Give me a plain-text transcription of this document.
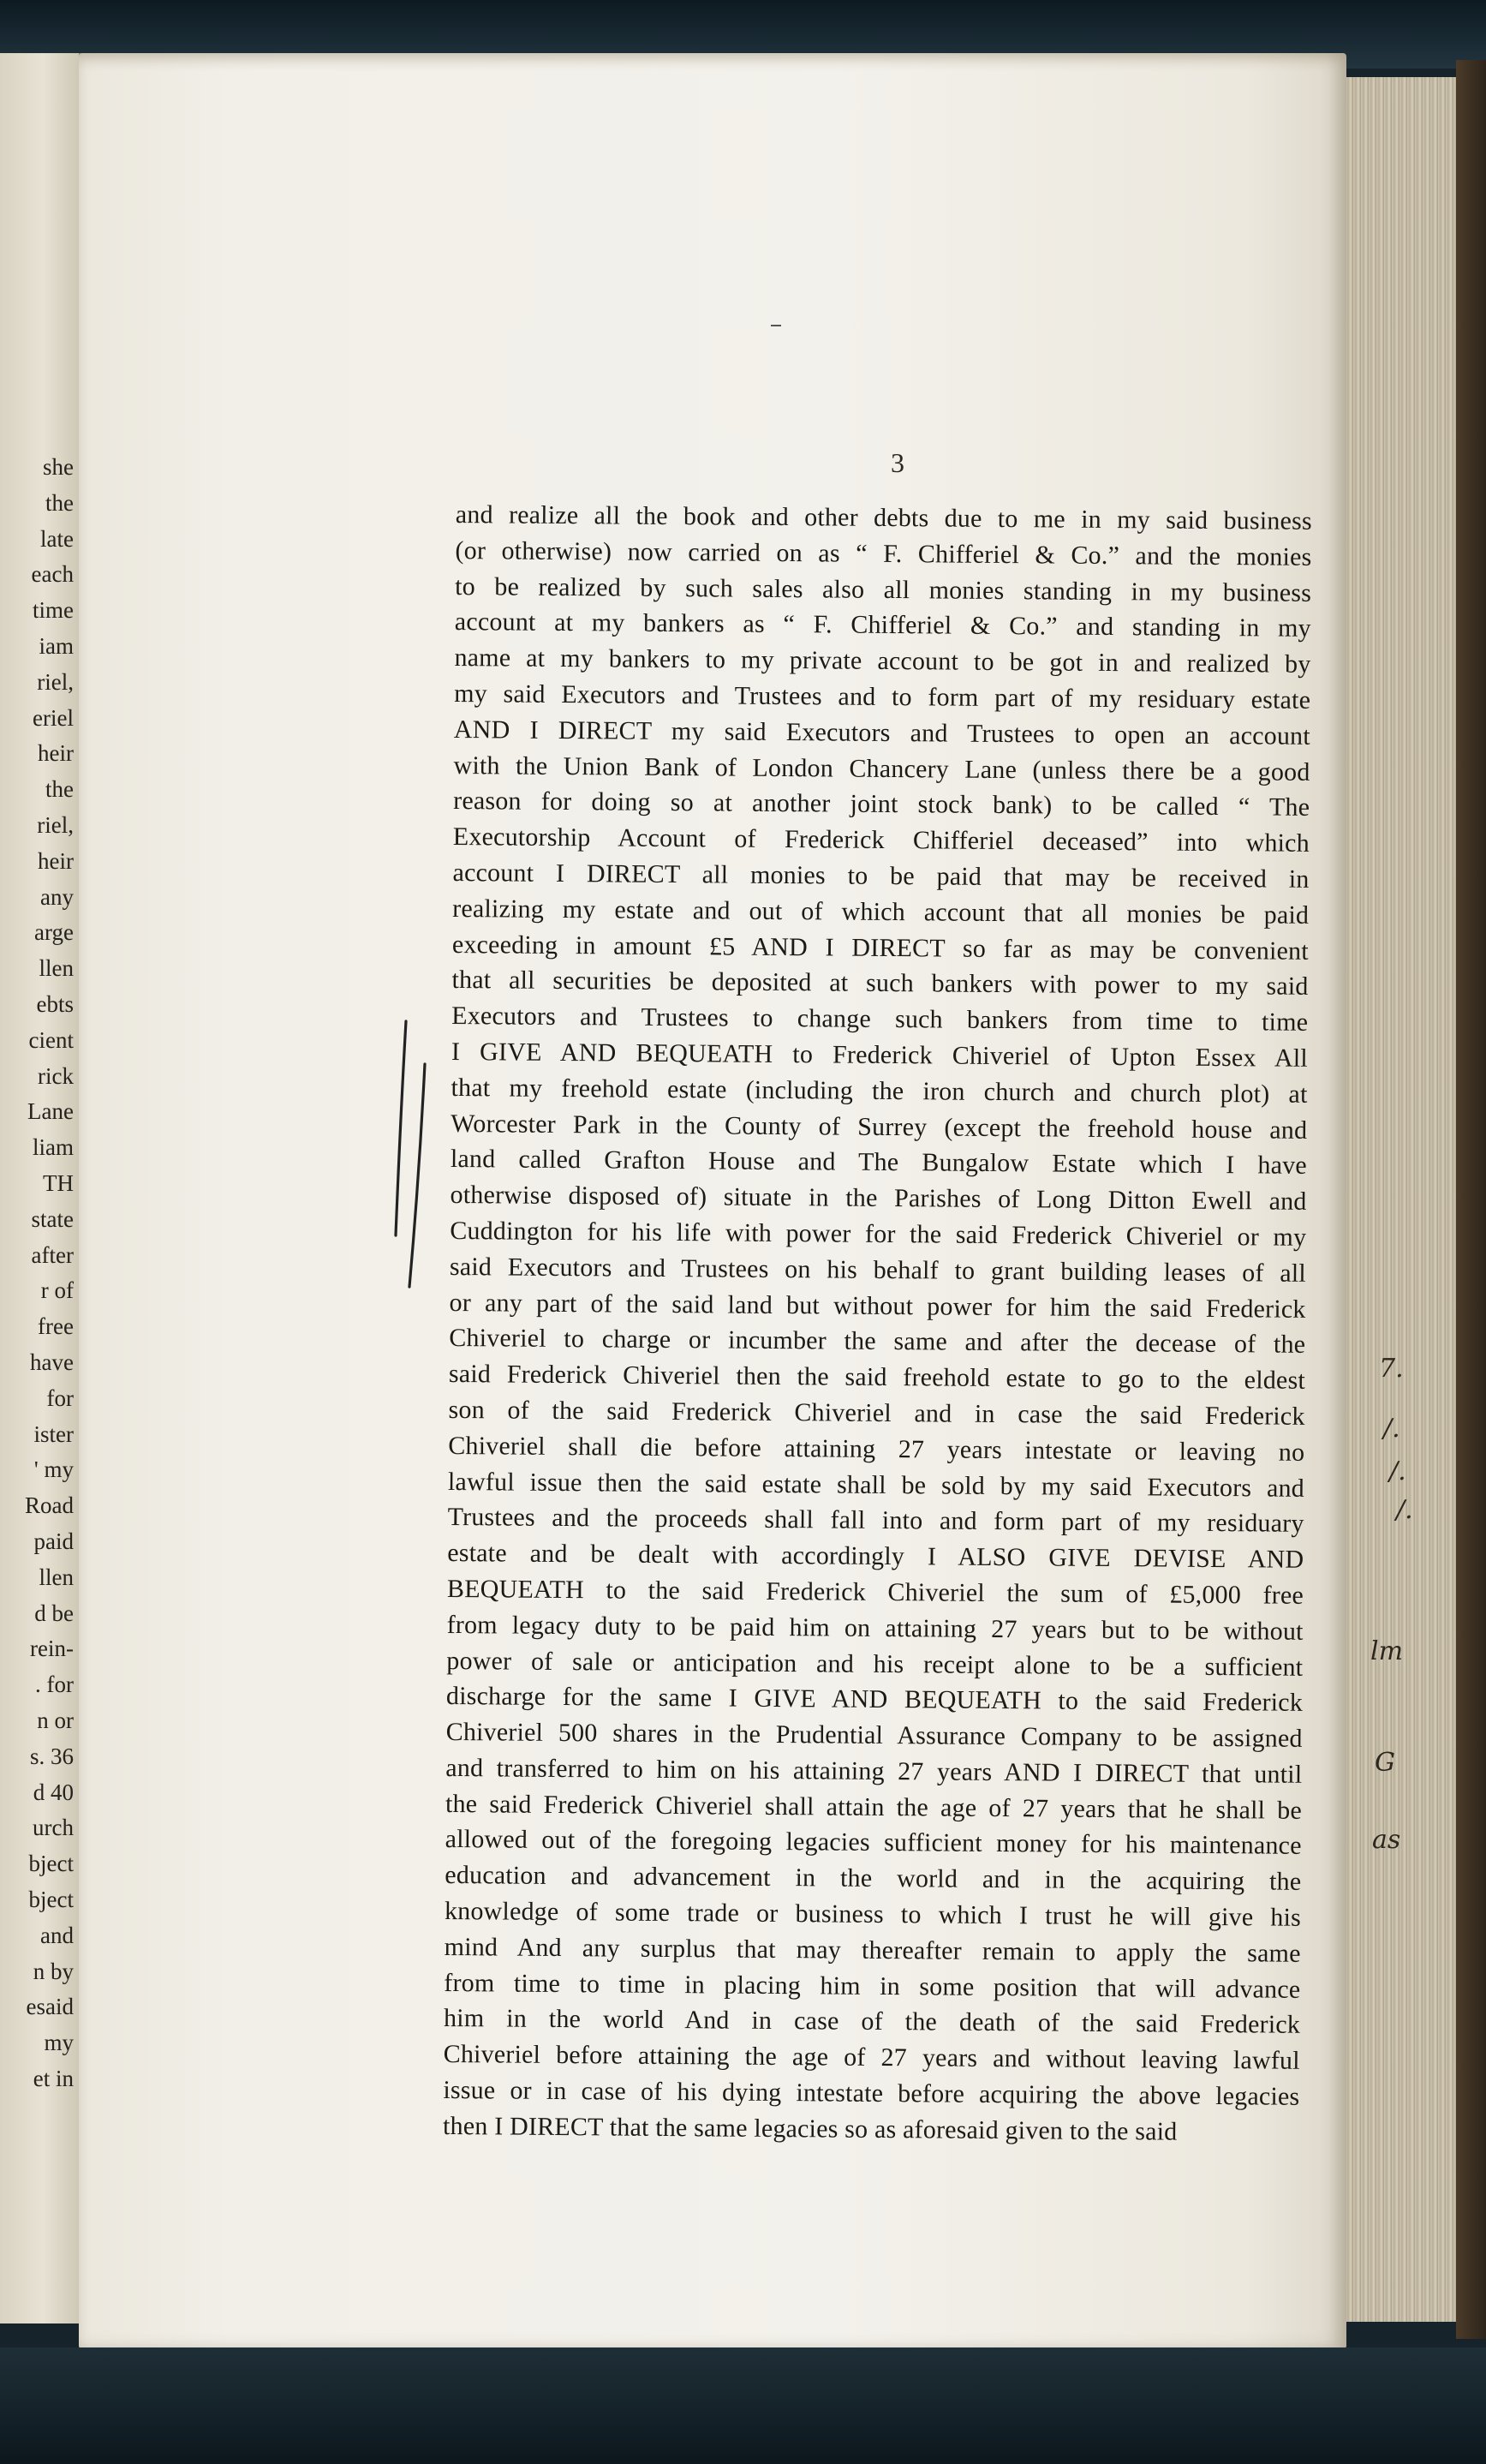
she
the
late
each
time
iam
riel,
eriel
heir
the
riel,
heir
any
arge
llen
ebts
cient
rick
Lane
liam
TH
state
after
r of
free
have
for
ister
' my
Road
paid
llen
d be
rein-
. for
n or
s. 36
d 40
urch
bject
bject
and
n by
esaid
my
et in
3
and realize all the book and other debts due to me in my said business
(or otherwise) now carried on as “ F. Chifferiel & Co.” and the monies
to be realized by such sales also all monies standing in my business
account at my bankers as “ F. Chifferiel & Co.” and standing in my
name at my bankers to my private account to be got in and realized by
my said Executors and Trustees and to form part of my residuary estate
AND I DIRECT my said Executors and Trustees to open an account
with the Union Bank of London Chancery Lane (unless there be a good
reason for doing so at another joint stock bank) to be called “ The
Executorship Account of Frederick Chifferiel deceased” into which
account I DIRECT all monies to be paid that may be received in
realizing my estate and out of which account that all monies be paid
exceeding in amount £5 AND I DIRECT so far as may be convenient
that all securities be deposited at such bankers with power to my said
Executors and Trustees to change such bankers from time to time
I GIVE AND BEQUEATH to Frederick Chiveriel of Upton Essex All
that my freehold estate (including the iron church and church plot) at
Worcester Park in the County of Surrey (except the freehold house and
land called Grafton House and The Bungalow Estate which I have
otherwise disposed of) situate in the Parishes of Long Ditton Ewell and
Cuddington for his life with power for the said Frederick Chiveriel or my
said Executors and Trustees on his behalf to grant building leases of all
or any part of the said land but without power for him the said Frederick
Chiveriel to charge or incumber the same and after the decease of the
said Frederick Chiveriel then the said freehold estate to go to the eldest
son of the said Frederick Chiveriel and in case the said Frederick
Chiveriel shall die before attaining 27 years intestate or leaving no
lawful issue then the said estate shall be sold by my said Executors and
Trustees and the proceeds shall fall into and form part of my residuary
estate and be dealt with accordingly I ALSO GIVE DEVISE AND
BEQUEATH to the said Frederick Chiveriel the sum of £5,000 free
from legacy duty to be paid him on attaining 27 years but to be without
power of sale or anticipation and his receipt alone to be a sufficient
discharge for the same I GIVE AND BEQUEATH to the said Frederick
Chiveriel 500 shares in the Prudential Assurance Company to be assigned
and transferred to him on his attaining 27 years AND I DIRECT that until
the said Frederick Chiveriel shall attain the age of 27 years that he shall be
allowed out of the foregoing legacies sufficient money for his maintenance
education and advancement in the world and in the acquiring the
knowledge of some trade or business to which I trust he will give his
mind And any surplus that may thereafter remain to apply the same
from time to time in placing him in some position that will advance
him in the world And in case of the death of the said Frederick
Chiveriel before attaining the age of 27 years and without leaving lawful
issue or in case of his dying intestate before acquiring the above legacies
then I DIRECT that the same legacies so as aforesaid given to the said
7.
/.
/.
/.
lm
G
as
